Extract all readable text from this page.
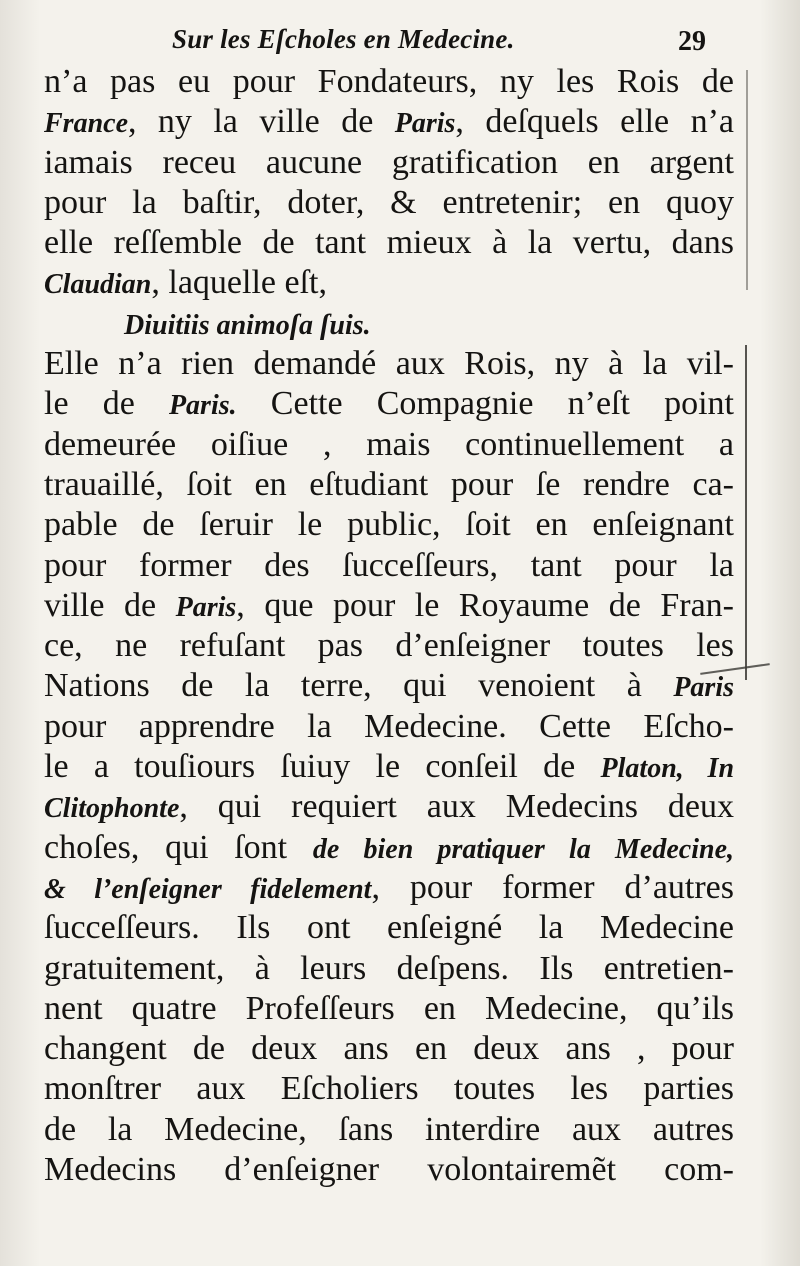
Sur les Eſcholes en Medecine.	29
n’a pas eu pour Fondateurs, ny les Rois de
France, ny la ville de Paris, deſquels elle n’a
iamais receu aucune gratification en argent
pour la baſtir, doter, & entretenir; en quoy
elle reſſemble de tant mieux à la vertu, dans
Claudian, laquelle eſt,
Diuitiis animoſa ſuis.
Elle n’a rien demandé aux Rois, ny à la vil-
le de Paris. Cette Compagnie n’eſt point
demeurée oiſiue , mais continuellement a
trauaillé, ſoit en eſtudiant pour ſe rendre ca-
pable de ſeruir le public, ſoit en enſeignant
pour former des ſucceſſeurs, tant pour la
ville de Paris, que pour le Royaume de Fran-
ce, ne refuſant pas d’enſeigner toutes les
Nations de la terre, qui venoient à Paris
pour apprendre la Medecine. Cette Eſcho-
le a touſiours ſuiuy le conſeil de Platon, In
Clitophonte, qui requiert aux Medecins deux
choſes, qui ſont de bien pratiquer la Medecine,
& l’enſeigner fidelement, pour former d’autres
ſucceſſeurs. Ils ont enſeigné la Medecine
gratuitement, à leurs deſpens. Ils entretien-
nent quatre Profeſſeurs en Medecine, qu’ils
changent de deux ans en deux ans , pour
monſtrer aux Eſcholiers toutes les parties
de la Medecine, ſans interdire aux autres
Medecins d’enſeigner volontairemẽt com-
